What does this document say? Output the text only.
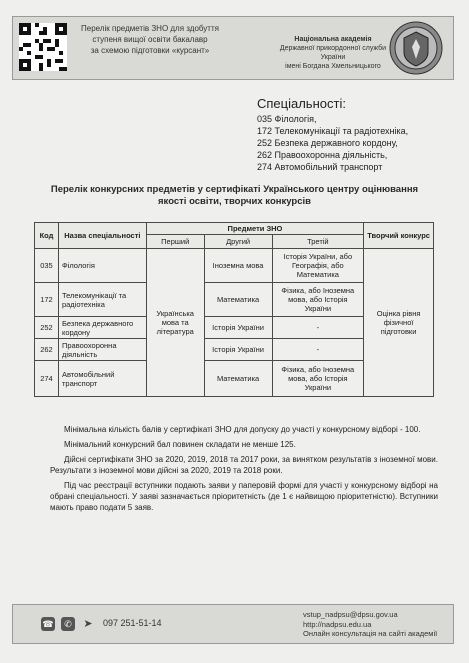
Перелік предметів ЗНО для здобуття
ступеня вищої освіти бакалавр
за схемою підготовки «курсант»
Національна академія
Державної прикордонної служби України
імені Богдана Хмельницького
Спеціальності:
035 Філологія,
172 Телекомунікації та радіотехніка,
252 Безпека державного кордону,
262 Правоохоронна діяльність,
274 Автомобільний транспорт
Перелік конкурсних предметів у сертифікаті Українського центру оцінювання
якості освіти, творчих конкурсів
Код	Назва спеціальності	Предмети ЗНО			Творчий конкурс
		Перший	Другий	Третій	
035	Філологія	Українська мова та література	Іноземна мова	Історія України, або Географія, або Математика	Оцінка рівня фізичної підготовки
172	Телекомунікації та радіотехніка		Математика	Фізика, або Іноземна мова, або Історія України	
252	Безпека державного кордону		Історія України	-	
262	Правоохоронна діяльність		Історія України	-	
274	Автомобільний транспорт		Математика	Фізика, або Іноземна мова, або Історія України	

Мінімальна кількість балів у сертифікаті ЗНО для допуску до участі у конкурсному відборі - 100.

Мінімальний конкурсний бал повинен складати не менше 125.

Дійсні сертифікати ЗНО за 2020, 2019, 2018 та 2017 роки, за винятком результатів з іноземної мови. Результати з іноземної мови дійсні за 2020, 2019 та 2018 роки.

Під час реєстрації вступники подають заяви у паперовій формі для участі у конкурсному відборі на обрані спеціальності. У заяві зазначається пріоритетність (де 1 є найвищою пріоритетністю). Вступники мають право подати 5 заяв.

☎	✆ ➤ 097 251-51-14
vstup_nadpsu@dpsu.gov.ua
http://nadpsu.edu.ua
Онлайн консультація на сайті академії
